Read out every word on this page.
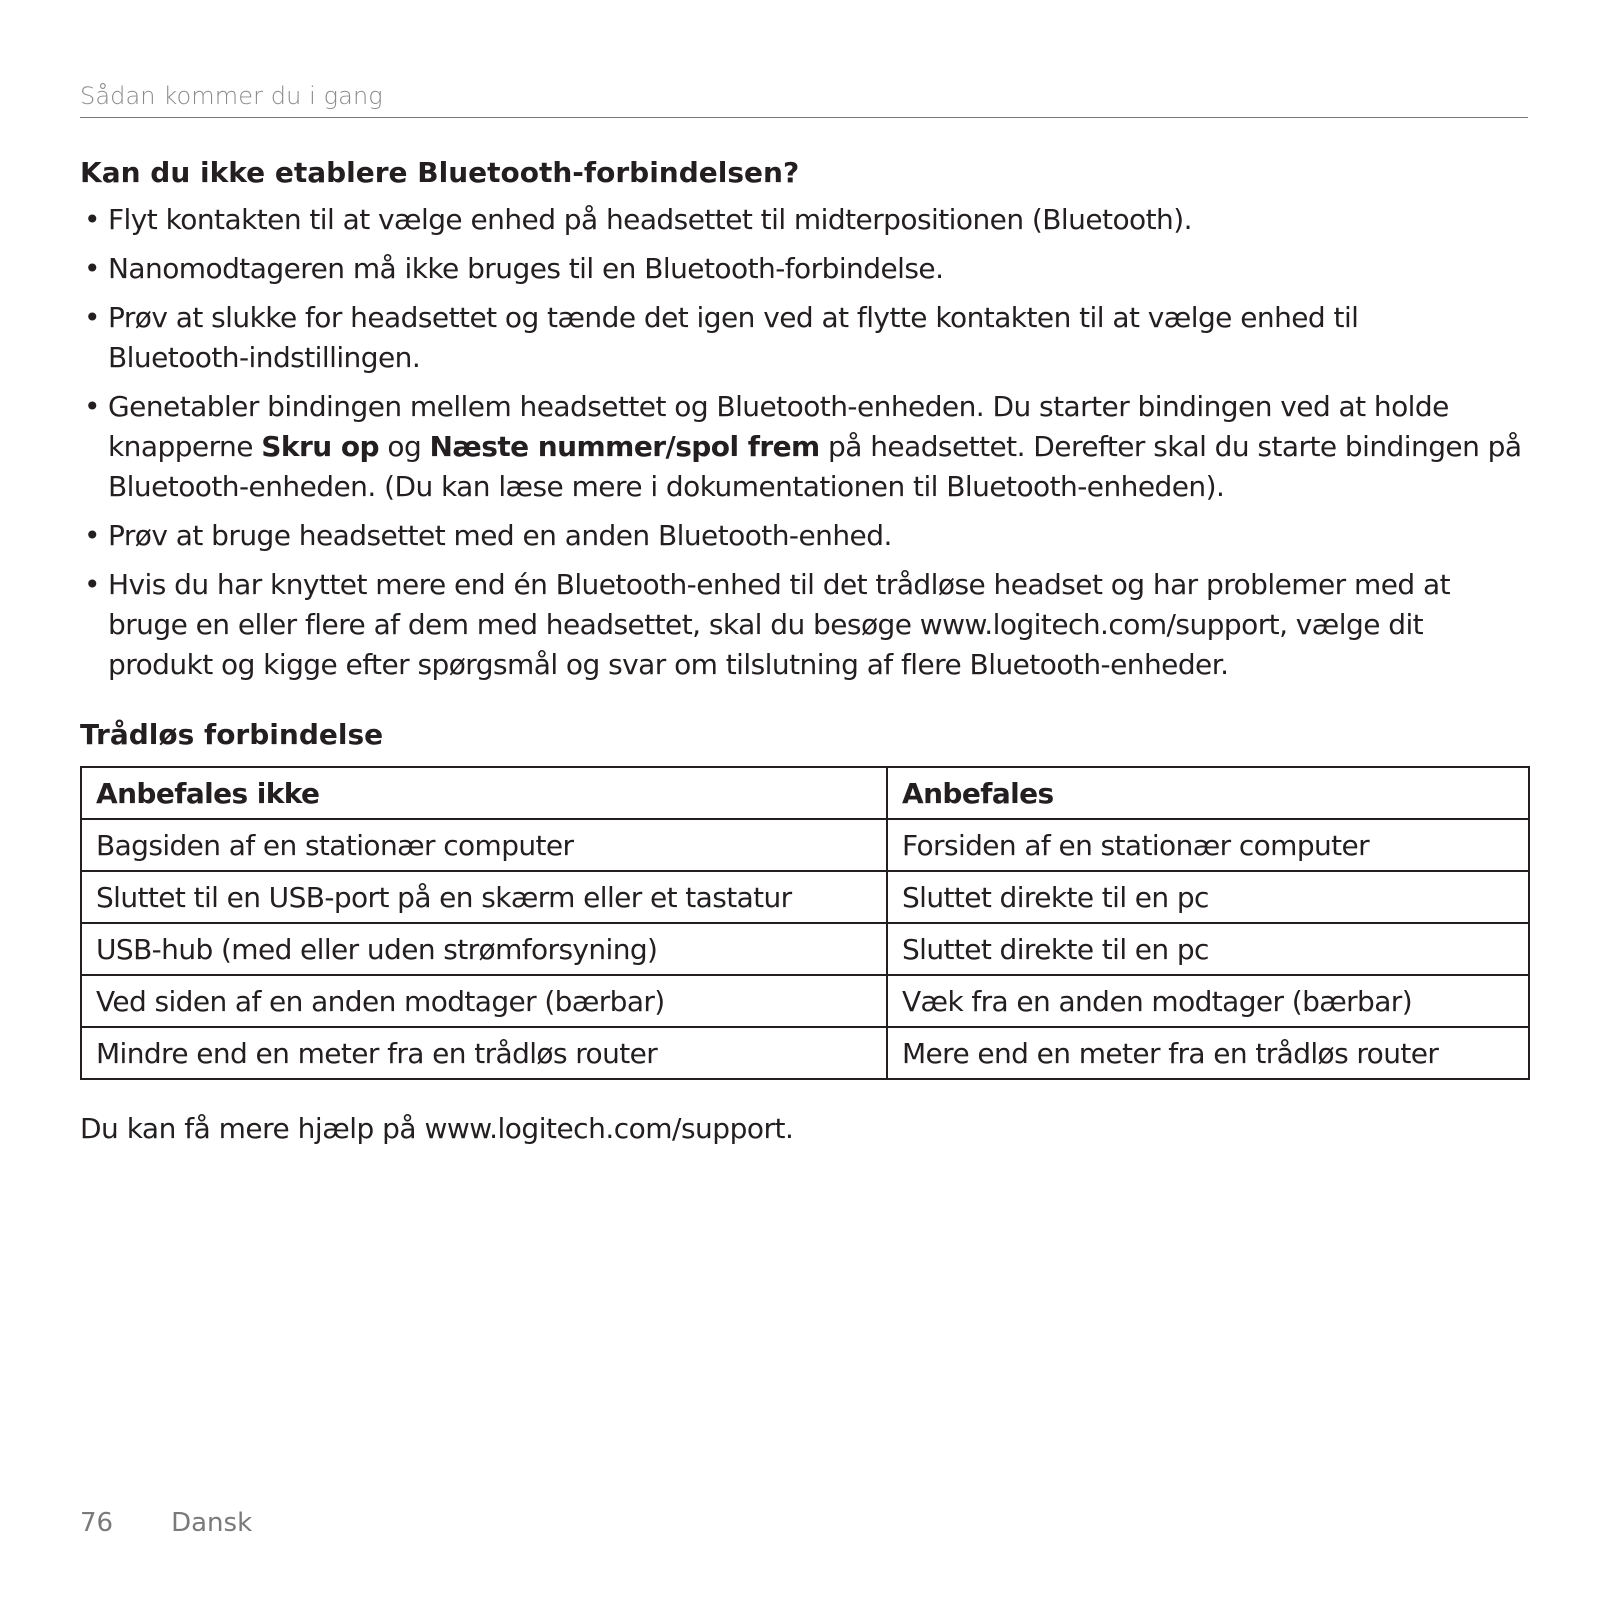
Sådan kommer du i gang
Kan du ikke etablere Bluetooth-forbindelsen?
• Flyt kontakten til at vælge enhed på headsettet til midterpositionen (Bluetooth).
• Nanomodtageren må ikke bruges til en Bluetooth-forbindelse.
• Prøv at slukke for headsettet og tænde det igen ved at flytte kontakten til at vælge enhed til Bluetooth-indstillingen.
• Genetabler bindingen mellem headsettet og Bluetooth-enheden. Du starter bindingen ved at holde knapperne Skru op og Næste nummer/spol frem på headsettet. Derefter skal du starte bindingen på Bluetooth-enheden. (Du kan læse mere i dokumentationen til Bluetooth-enheden).
• Prøv at bruge headsettet med en anden Bluetooth-enhed.
• Hvis du har knyttet mere end én Bluetooth-enhed til det trådløse headset og har problemer med at bruge en eller flere af dem med headsettet, skal du besøge www.logitech.com/support, vælge dit produkt og kigge efter spørgsmål og svar om tilslutning af flere Bluetooth-enheder.
Trådløs forbindelse
Anbefales ikke	Anbefales
Bagsiden af en stationær computer	Forsiden af en stationær computer
Sluttet til en USB-port på en skærm eller et tastatur	Sluttet direkte til en pc
USB-hub (med eller uden strømforsyning)	Sluttet direkte til en pc
Ved siden af en anden modtager (bærbar)	Væk fra en anden modtager (bærbar)
Mindre end en meter fra en trådløs router	Mere end en meter fra en trådløs router
Du kan få mere hjælp på www.logitech.com/support.
76 Dansk
